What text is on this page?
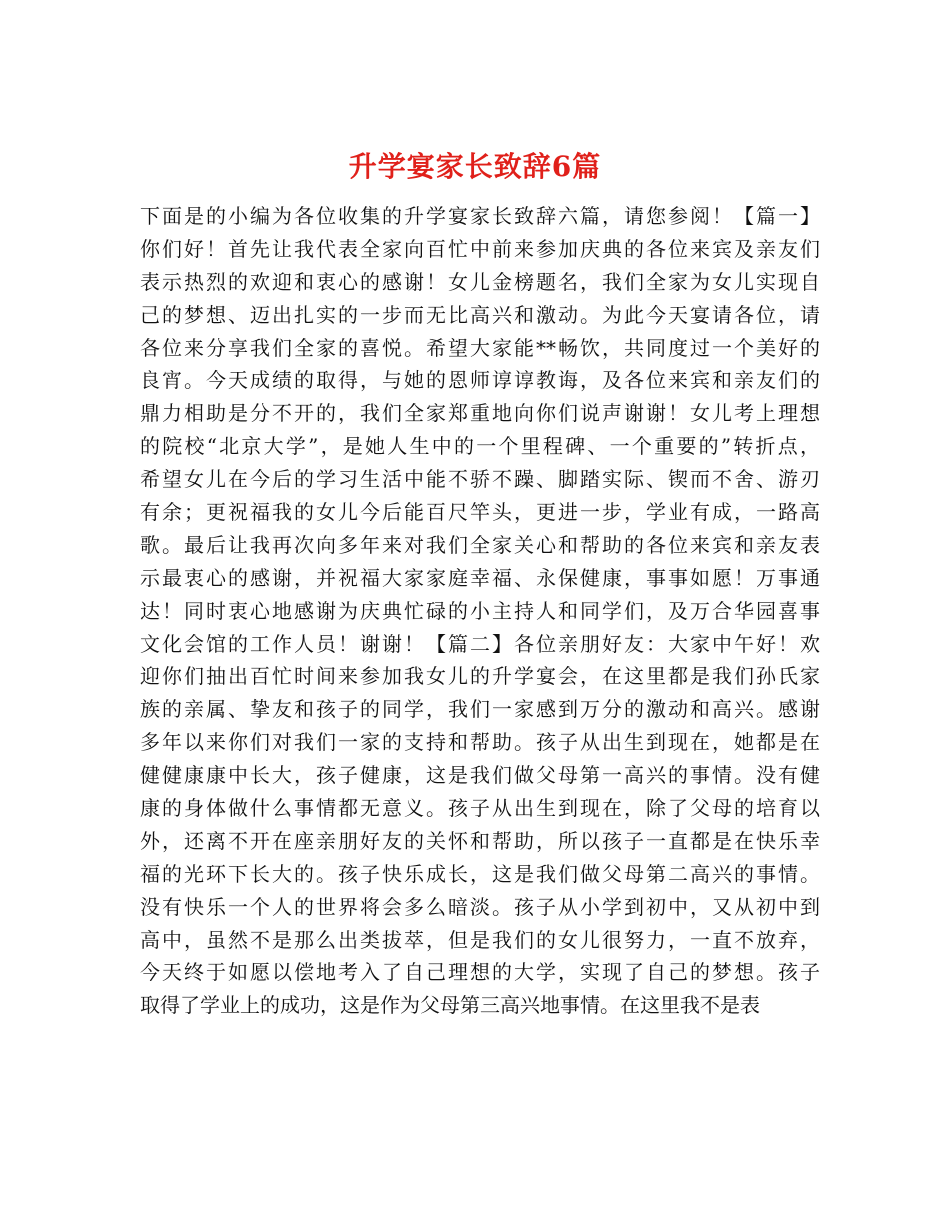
升学宴家长致辞6篇
下面是的小编为各位收集的升学宴家长致辞六篇，请您参阅！【篇一】
你们好！首先让我代表全家向百忙中前来参加庆典的各位来宾及亲友们
表示热烈的欢迎和衷心的感谢！女儿金榜题名，我们全家为女儿实现自
己的梦想、迈出扎实的一步而无比高兴和激动。为此今天宴请各位，请
各位来分享我们全家的喜悦。希望大家能**畅饮，共同度过一个美好的
良宵。今天成绩的取得，与她的恩师谆谆教诲，及各位来宾和亲友们的
鼎力相助是分不开的，我们全家郑重地向你们说声谢谢！女儿考上理想
的院校“北京大学”，是她人生中的一个里程碑、一个重要的”转折点，
希望女儿在今后的学习生活中能不骄不躁、脚踏实际、锲而不舍、游刃
有余；更祝福我的女儿今后能百尺竿头，更进一步，学业有成，一路高
歌。最后让我再次向多年来对我们全家关心和帮助的各位来宾和亲友表
示最衷心的感谢，并祝福大家家庭幸福、永保健康，事事如愿！万事通
达！同时衷心地感谢为庆典忙碌的小主持人和同学们，及万合华园喜事
文化会馆的工作人员！谢谢！【篇二】各位亲朋好友：大家中午好！欢
迎你们抽出百忙时间来参加我女儿的升学宴会，在这里都是我们孙氏家
族的亲属、挚友和孩子的同学，我们一家感到万分的激动和高兴。感谢
多年以来你们对我们一家的支持和帮助。孩子从出生到现在，她都是在
健健康康中长大，孩子健康，这是我们做父母第一高兴的事情。没有健
康的身体做什么事情都无意义。孩子从出生到现在，除了父母的培育以
外，还离不开在座亲朋好友的关怀和帮助，所以孩子一直都是在快乐幸
福的光环下长大的。孩子快乐成长，这是我们做父母第二高兴的事情。
没有快乐一个人的世界将会多么暗淡。孩子从小学到初中，又从初中到
高中，虽然不是那么出类拔萃，但是我们的女儿很努力，一直不放弃，
今天终于如愿以偿地考入了自己理想的大学，实现了自己的梦想。孩子
取得了学业上的成功，这是作为父母第三高兴地事情。在这里我不是表
